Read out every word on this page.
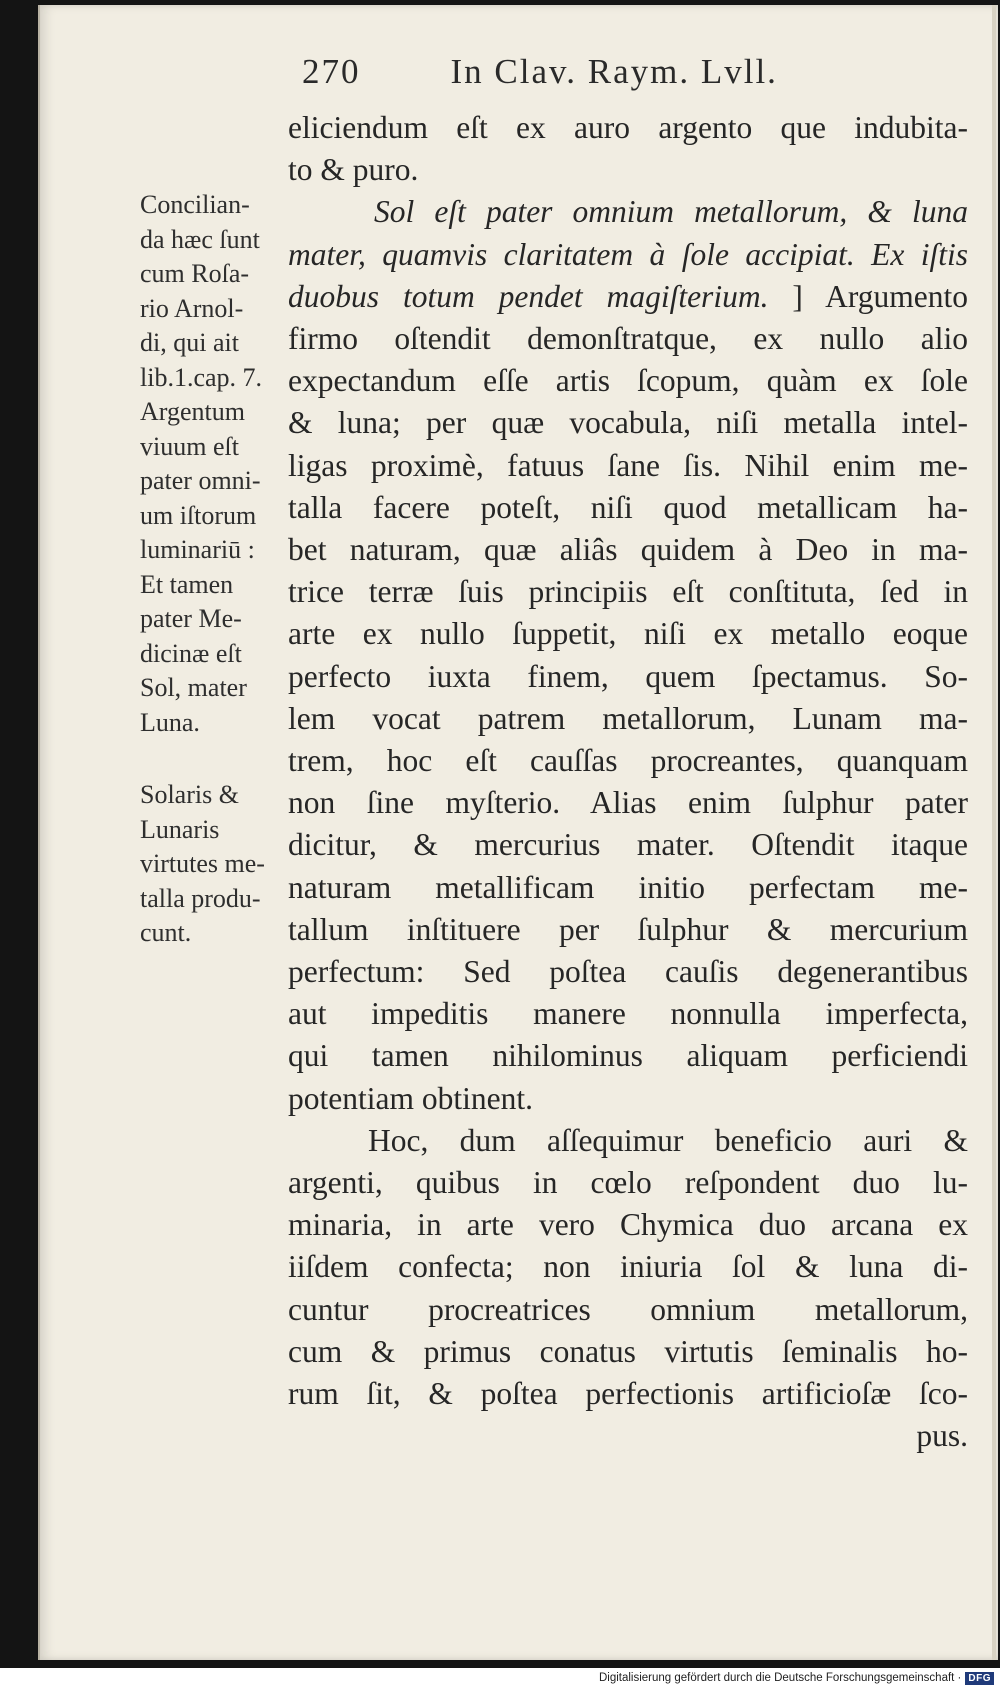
270	In Clav. Raym. Lvll.

Concilian-
da hæc ſunt
cum Roſa-
rio Arnol-
di, qui ait
lib.1.cap. 7.
Argentum
viuum eſt
pater omni-
um iſtorum
luminariū :
Et tamen
pater Me-
dicinæ eſt
Sol, mater
Luna.

Solaris &
Lunaris
virtutes me-
talla produ-
cunt.

eliciendum eſt ex auro argento que indubita-
to & puro.
Sol eſt pater omnium metallorum, & luna
mater, quamvis claritatem à ſole accipiat. Ex iſtis
duobus totum pendet magiſterium. ] Argumento
firmo oſtendit demonſtratque, ex nullo alio
expectandum eſſe artis ſcopum, quàm ex ſole
& luna; per quæ vocabula, niſi metalla intel-
ligas proximè, fatuus ſane ſis. Nihil enim me-
talla facere poteſt, niſi quod metallicam ha-
bet naturam, quæ aliâs quidem à Deo in ma-
trice terræ ſuis principiis eſt conſtituta, ſed in
arte ex nullo ſuppetit, niſi ex metallo eoque
perfecto iuxta finem, quem ſpectamus. So-
lem vocat patrem metallorum, Lunam ma-
trem, hoc eſt cauſſas procreantes, quanquam
non ſine myſterio. Alias enim ſulphur pater
dicitur, & mercurius mater. Oſtendit itaque
naturam metallificam initio perfectam me-
tallum inſtituere per ſulphur & mercurium
perfectum: Sed poſtea cauſis degenerantibus
aut impeditis manere nonnulla imperfecta,
qui tamen nihilominus aliquam perficiendi
potentiam obtinent.
Hoc, dum aſſequimur beneficio auri &
argenti, quibus in cœlo reſpondent duo lu-
minaria, in arte vero Chymica duo arcana ex
iiſdem confecta; non iniuria ſol & luna di-
cuntur procreatrices omnium metallorum,
cum & primus conatus virtutis ſeminalis ho-
rum ſit, & poſtea perfectionis artificioſæ ſco-
pus.
Digitalisierung gefördert durch die Deutsche Forschungsgemeinschaft · DFG
